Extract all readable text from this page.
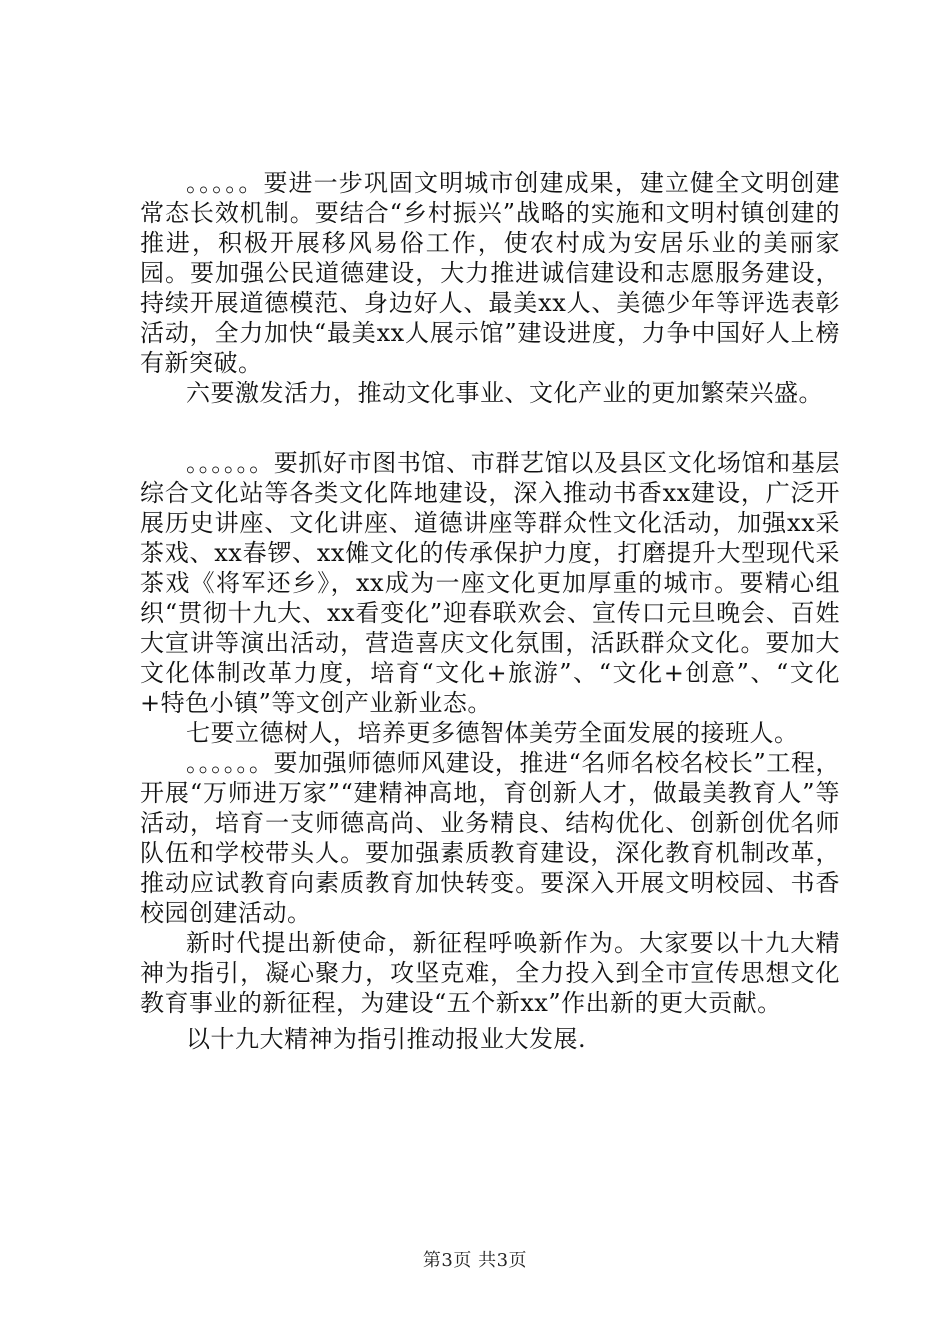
。。。。。要进一步巩固文明城市创建成果，建立健全文明创建常态长效机制。要结合“乡村振兴”战略的实施和文明村镇创建的推进，积极开展移风易俗工作，使农村成为安居乐业的美丽家园。要加强公民道德建设，大力推进诚信建设和志愿服务建设，持续开展道德模范、身边好人、最美xx人、美德少年等评选表彰活动，全力加快“最美xx人展示馆”建设进度，力争中国好人上榜有新突破。

六要激发活力，推动文化事业、文化产业的更加繁荣兴盛。

。。。。。。要抓好市图书馆、市群艺馆以及县区文化场馆和基层综合文化站等各类文化阵地建设，深入推动书香xx建设，广泛开展历史讲座、文化讲座、道德讲座等群众性文化活动，加强xx采茶戏、xx春锣、xx傩文化的传承保护力度，打磨提升大型现代采茶戏《将军还乡》，xx成为一座文化更加厚重的城市。要精心组织“贯彻十九大、xx看变化”迎春联欢会、宣传口元旦晚会、百姓大宣讲等演出活动，营造喜庆文化氛围，活跃群众文化。要加大文化体制改革力度，培育“文化+旅游”、“文化+创意”、“文化+特色小镇”等文创产业新业态。

七要立德树人，培养更多德智体美劳全面发展的接班人。

。。。。。。要加强师德师风建设，推进“名师名校名校长”工程，开展“万师进万家”“建精神高地，育创新人才，做最美教育人”等活动，培育一支师德高尚、业务精良、结构优化、创新创优名师队伍和学校带头人。要加强素质教育建设，深化教育机制改革，推动应试教育向素质教育加快转变。要深入开展文明校园、书香校园创建活动。

新时代提出新使命，新征程呼唤新作为。大家要以十九大精神为指引，凝心聚力，攻坚克难，全力投入到全市宣传思想文化教育事业的新征程，为建设“五个新xx”作出新的更大贡献。

以十九大精神为指引推动报业大发展.

第3页 共3页
